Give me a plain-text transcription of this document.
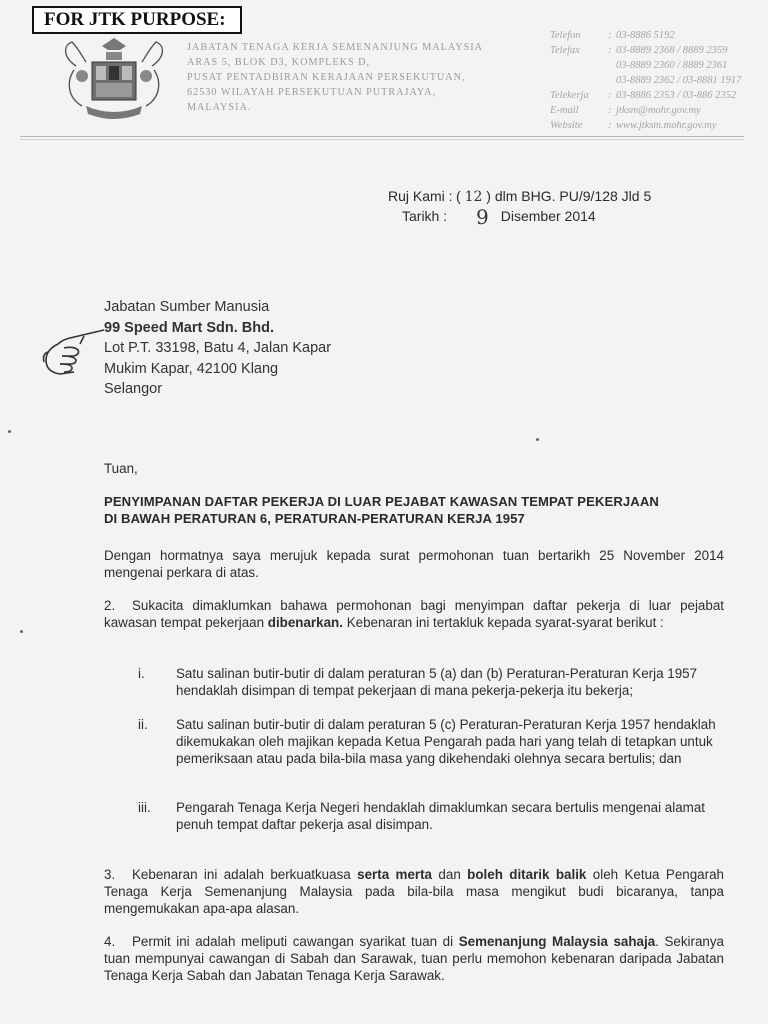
FOR JTK PURPOSE:
JABATAN TENAGA KERJA SEMENANJUNG MALAYSIA
ARAS 5, BLOK D3, KOMPLEKS D,
PUSAT PENTADBIRAN KERAJAAN PERSEKUTUAN,
62530 WILAYAH PERSEKUTUAN PUTRAJAYA,
MALAYSIA.
Telefon	: 03-8886 5192
Telefax	: 03-8889 2368 / 8889 2359
03-8889 2360 / 8889 2361
03-8889 2362 / 03-8881 1917
Telekerja	: 03-8886 2353 / 03-886 2352
E-mail	: jtksm@mohr.gov.my
Website	: www.jtksm.mohr.gov.my
Ruj Kami : ( 12 ) dlm BHG. PU/9/128 Jld 5
Tarikh : 9 Disember 2014
Jabatan Sumber Manusia
99 Speed Mart Sdn. Bhd.
Lot P.T. 33198, Batu 4, Jalan Kapar
Mukim Kapar, 42100 Klang
Selangor
Tuan,
PENYIMPANAN DAFTAR PEKERJA DI LUAR PEJABAT KAWASAN TEMPAT PEKERJAAN
DI BAWAH PERATURAN 6, PERATURAN-PERATURAN KERJA 1957
Dengan hormatnya saya merujuk kepada surat permohonan tuan bertarikh 25 November 2014 mengenai perkara di atas.
2. Sukacita dimaklumkan bahawa permohonan bagi menyimpan daftar pekerja di luar pejabat kawasan tempat pekerjaan dibenarkan. Kebenaran ini tertakluk kepada syarat-syarat berikut :
i.	Satu salinan butir-butir di dalam peraturan 5 (a) dan (b) Peraturan-Peraturan Kerja 1957 hendaklah disimpan di tempat pekerjaan di mana pekerja-pekerja itu bekerja;
ii.	Satu salinan butir-butir di dalam peraturan 5 (c) Peraturan-Peraturan Kerja 1957 hendaklah dikemukakan oleh majikan kepada Ketua Pengarah pada hari yang telah di tetapkan untuk pemeriksaan atau pada bila-bila masa yang dikehendaki olehnya secara bertulis; dan
iii.	Pengarah Tenaga Kerja Negeri hendaklah dimaklumkan secara bertulis mengenai alamat penuh tempat daftar pekerja asal disimpan.
3. Kebenaran ini adalah berkuatkuasa serta merta dan boleh ditarik balik oleh Ketua Pengarah Tenaga Kerja Semenanjung Malaysia pada bila-bila masa mengikut budi bicaranya, tanpa mengemukakan apa-apa alasan.
4. Permit ini adalah meliputi cawangan syarikat tuan di Semenanjung Malaysia sahaja. Sekiranya tuan mempunyai cawangan di Sabah dan Sarawak, tuan perlu memohon kebenaran daripada Jabatan Tenaga Kerja Sabah dan Jabatan Tenaga Kerja Sarawak.
